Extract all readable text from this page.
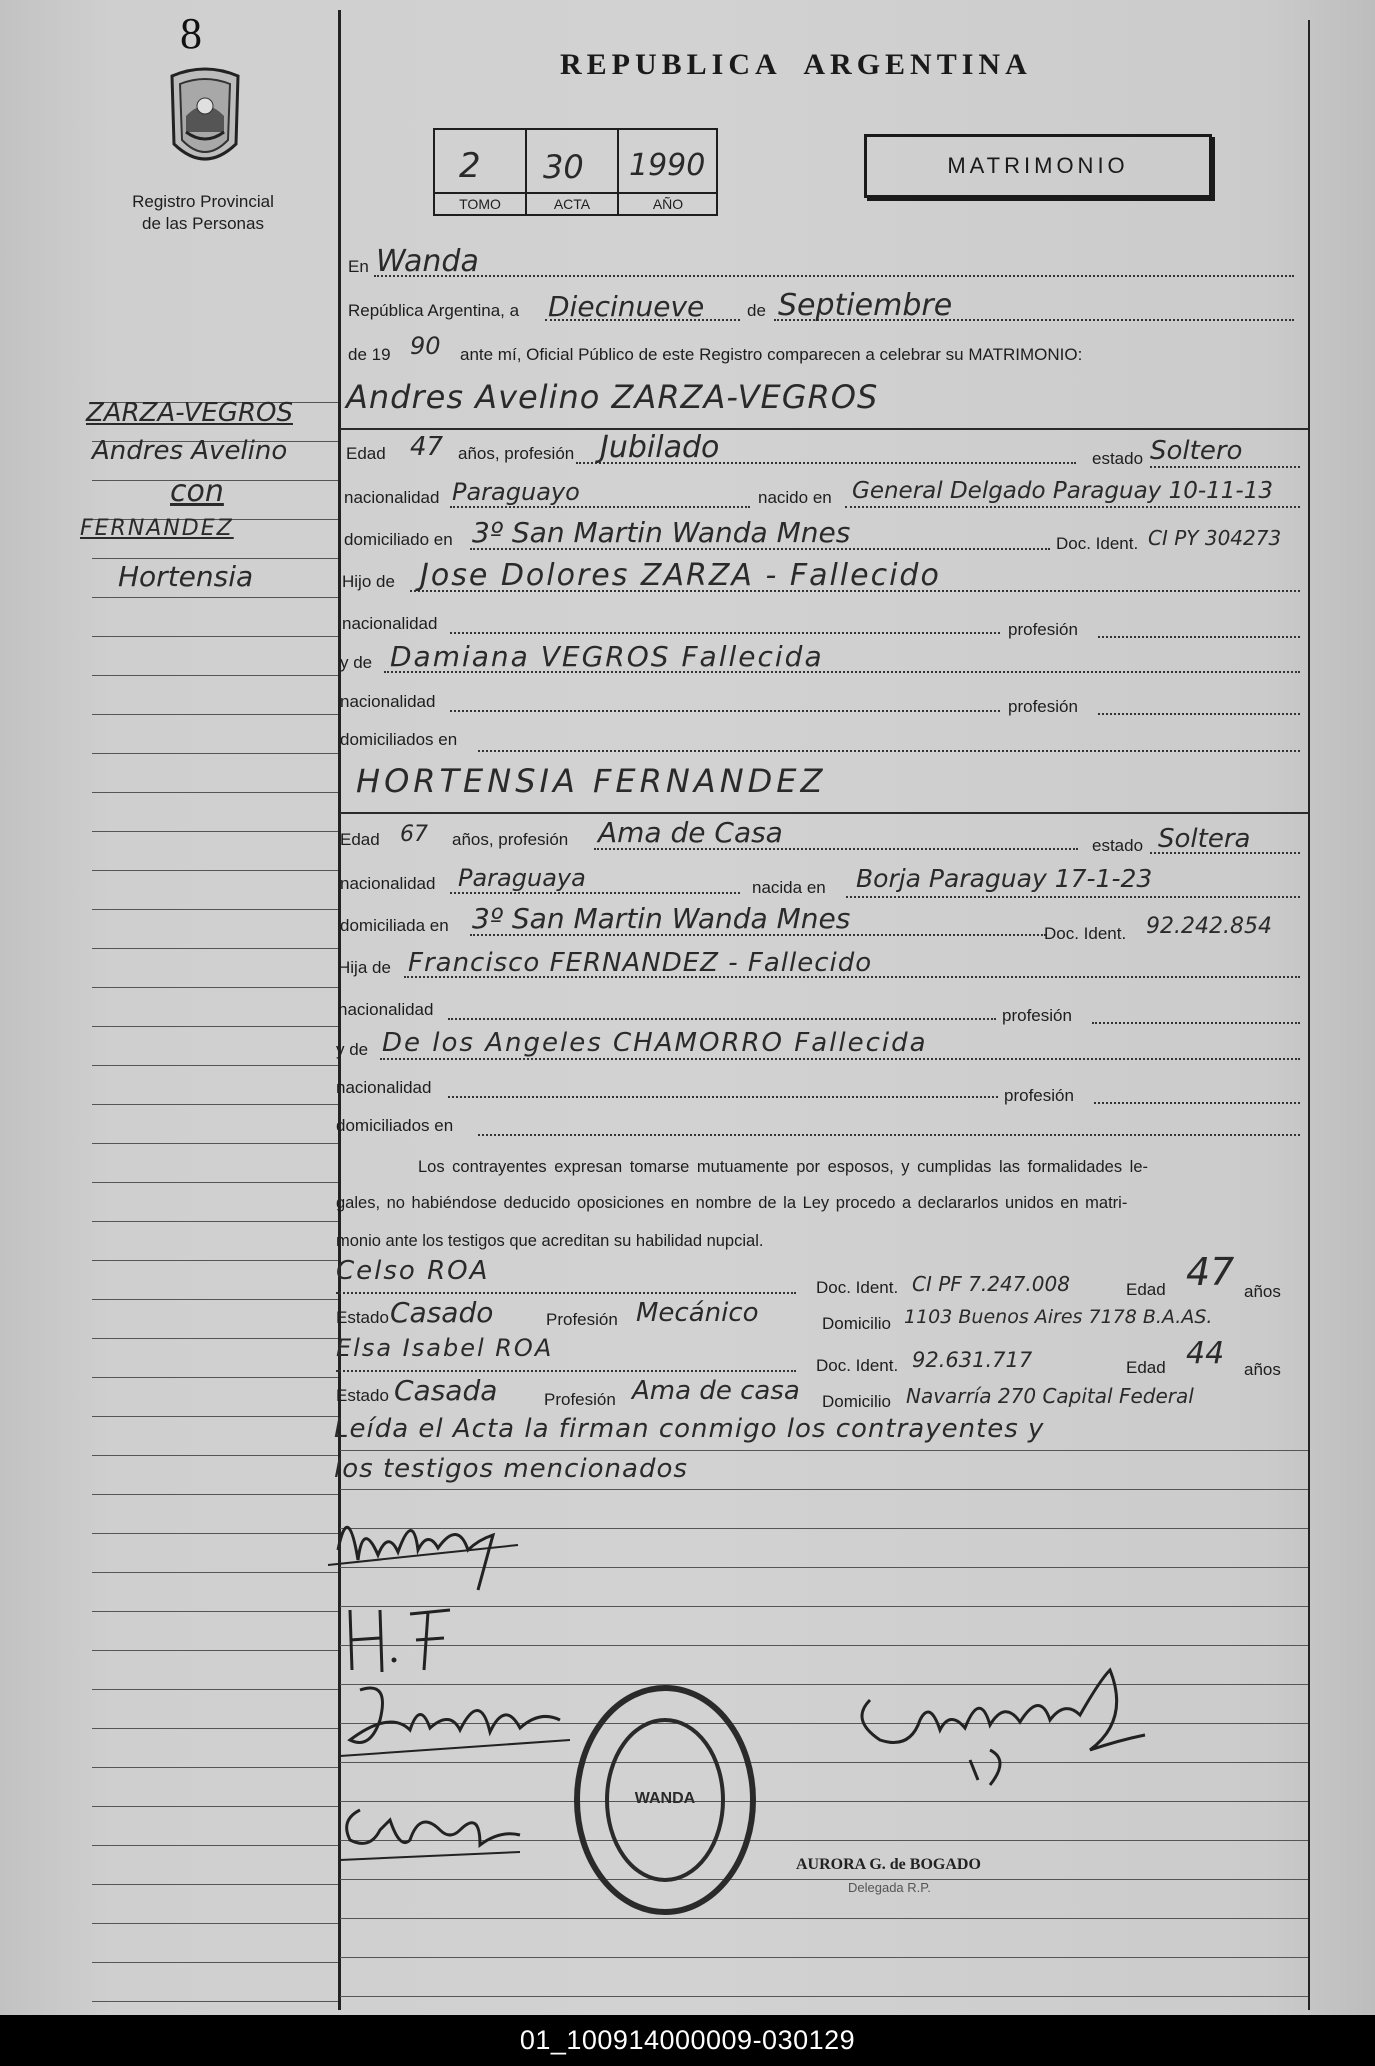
8
Registro Provincial
de las Personas
REPUBLICA  ARGENTINA
2 30 1990
TOMO	ACTA	AÑO
MATRIMONIO
ZARZA-VEGROS
Andres Avelino
con
FERNANDEZ
Hortensia
En Wanda
República Argentina, a Diecinueve	de Septiembre
de 19 90 ante mí, Oficial Público de este Registro comparecen a celebrar su MATRIMONIO:
Andres Avelino ZARZA-VEGROS
Edad 47 años, profesión Jubilado	estado Soltero
nacionalidad Paraguayo	nacido en General Delgado Paraguay 10-11-13
domiciliado en 3º San Martin Wanda Mnes	Doc. Ident. CI PY 304273
Hijo de Jose Dolores ZARZA - Fallecido
nacionalidad	profesión
y de Damiana VEGROS Fallecida
nacionalidad	profesión
domiciliados en
HORTENSIA FERNANDEZ
Edad 67 años, profesión Ama de Casa	estado Soltera
nacionalidad Paraguaya	nacida en Borja Paraguay 17-1-23
domiciliada en 3º San Martin Wanda Mnes	Doc. Ident. 92.242.854
Hija de Francisco FERNANDEZ - Fallecido
nacionalidad	profesión
y de De los Angeles CHAMORRO Fallecida
nacionalidad	profesión
domiciliados en
Los contrayentes expresan tomarse mutuamente por esposos, y cumplidas las formalidades le-
gales, no habiéndose deducido oposiciones en nombre de la Ley procedo a declararlos unidos en matri-
monio ante los testigos que acreditan su habilidad nupcial.
Celso ROA
Doc. Ident. CI PF 7.247.008	Edad 47 años
Estado Casado	Profesión Mecánico	Domicilio 1103 Buenos Aires 7178 B.A.AS.
Elsa Isabel ROA
Doc. Ident. 92.631.717	Edad 44 años
Estado Casada	Profesión Ama de casa Domicilio Navarría 270 Capital Federal
Leída el Acta la firman conmigo los contrayentes y
los testigos mencionados
WANDA
AURORA G. de BOGADO
Delegada R.P.
01_100914000009-030129
